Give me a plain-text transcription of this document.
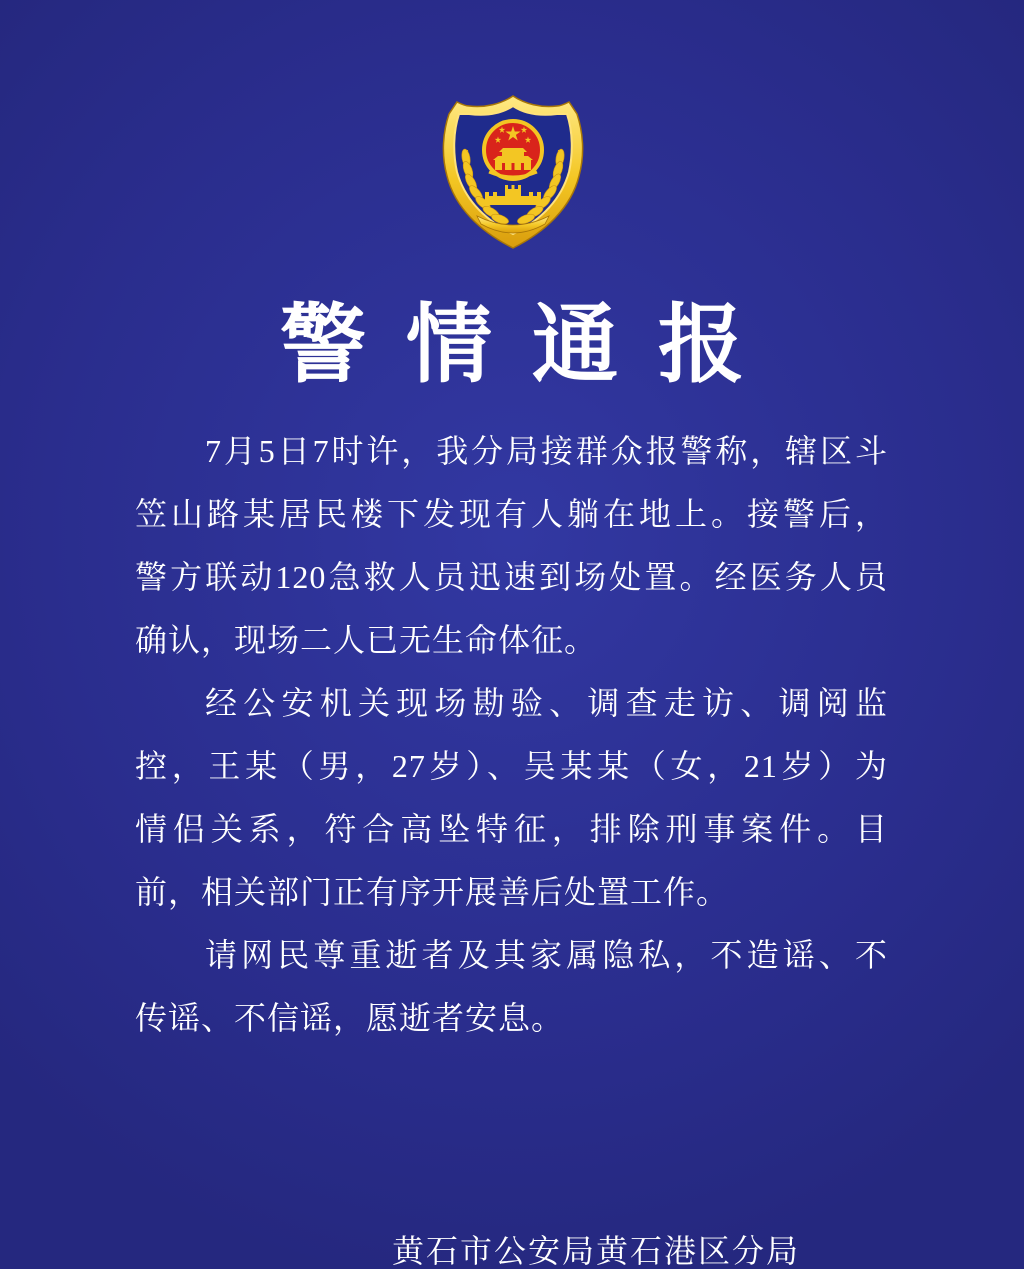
警情通报
7月5日7时许，我分局接群众报警称，辖区斗
笠山路某居民楼下发现有人躺在地上。接警后，
警方联动120急救人员迅速到场处置。经医务人员
确认，现场二人已无生命体征。
经公安机关现场勘验、调查走访、调阅监
控，王某（男，27岁）、吴某某（女，21岁）为
情侣关系，符合高坠特征，排除刑事案件。目
前，相关部门正有序开展善后处置工作。
请网民尊重逝者及其家属隐私，不造谣、不
传谣、不信谣，愿逝者安息。
黄石市公安局黄石港区分局
